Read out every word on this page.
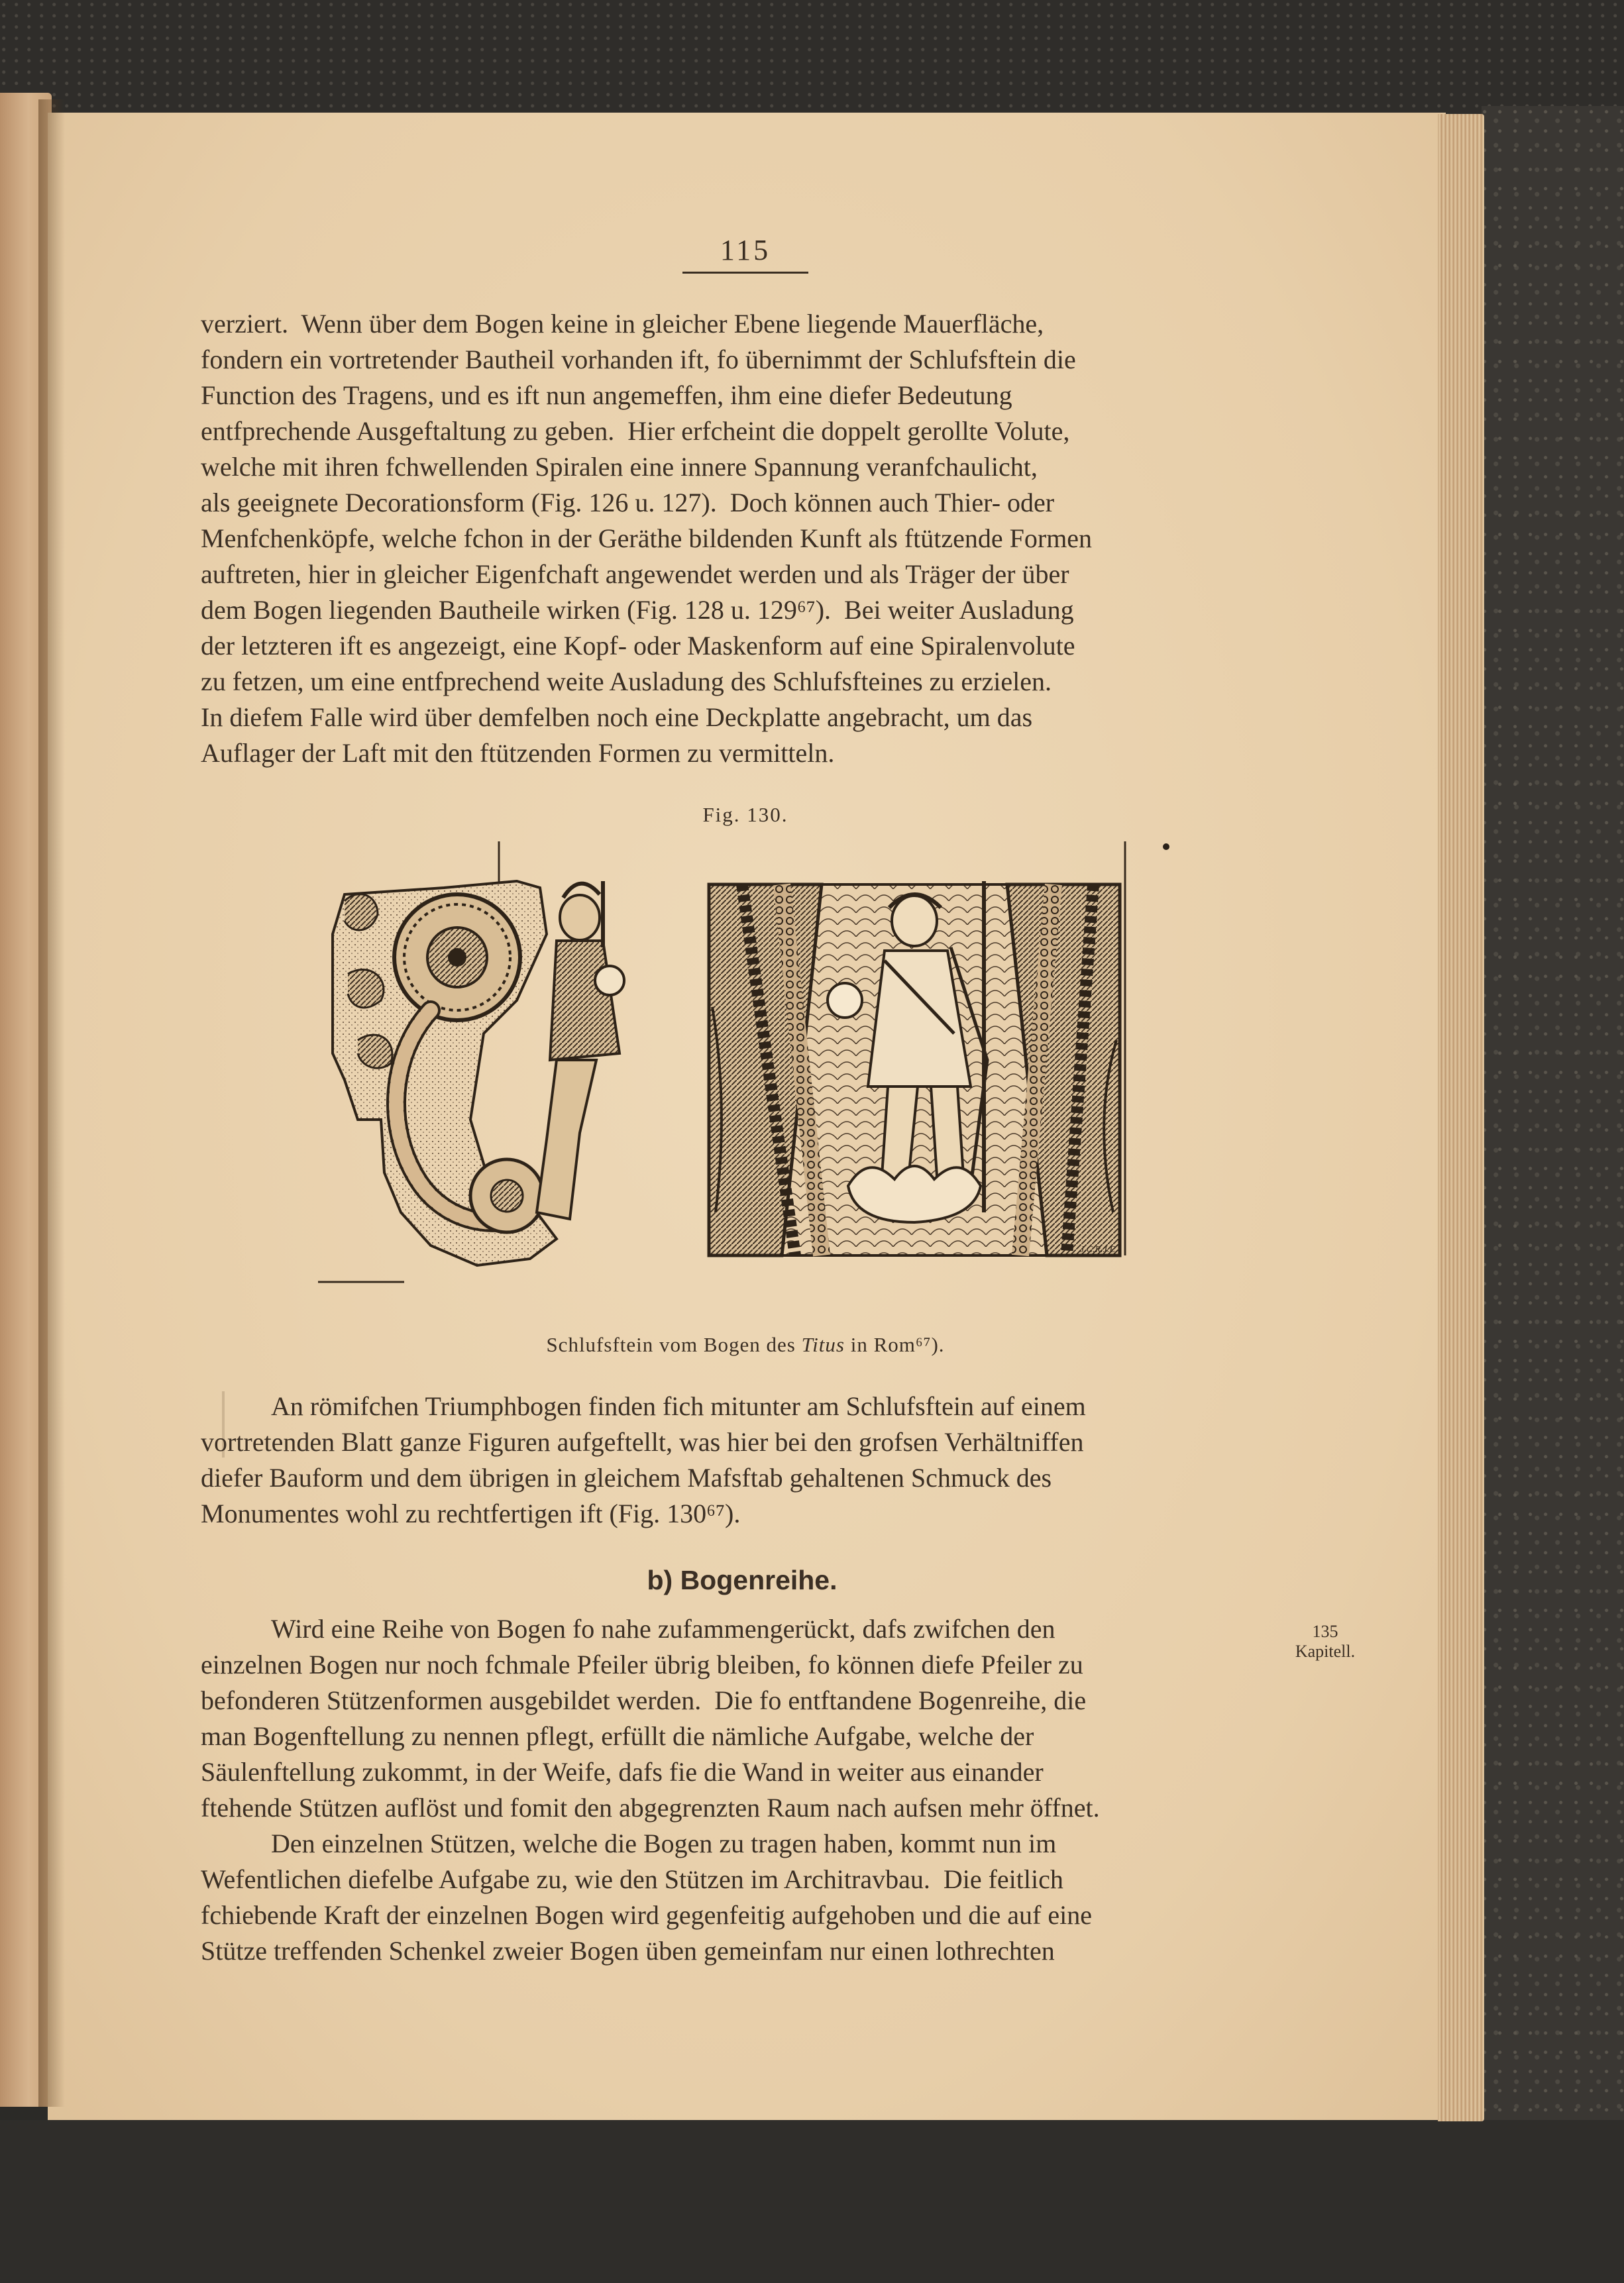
115
verziert.  Wenn über dem Bogen keine in gleicher Ebene liegende Mauerfläche,
fondern ein vortretender Bautheil vorhanden ift, fo übernimmt der Schlufsftein die
Function des Tragens, und es ift nun angemeffen, ihm eine diefer Bedeutung
entfprechende Ausgeftaltung zu geben.  Hier erfcheint die doppelt gerollte Volute,
welche mit ihren fchwellenden Spiralen eine innere Spannung veranfchaulicht,
als geeignete Decorationsform (Fig. 126 u. 127).  Doch können auch Thier- oder
Menfchenköpfe, welche fchon in der Geräthe bildenden Kunft als ftützende Formen
auftreten, hier in gleicher Eigenfchaft angewendet werden und als Träger der über
dem Bogen liegenden Bautheile wirken (Fig. 128 u. 129⁶⁷).  Bei weiter Ausladung
der letzteren ift es angezeigt, eine Kopf- oder Maskenform auf eine Spiralenvolute
zu fetzen, um eine entfprechend weite Ausladung des Schlufsfteines zu erzielen.
In diefem Falle wird über demfelben noch eine Deckplatte angebracht, um das
Auflager der Laft mit den ftützenden Formen zu vermitteln.
Fig. 130.
J.C.R.J.E.
Schlufsftein vom Bogen des Titus in Rom⁶⁷).
An römifchen Triumphbogen finden fich mitunter am Schlufsftein auf einem
vortretenden Blatt ganze Figuren aufgeftellt, was hier bei den grofsen Verhältniffen
diefer Bauform und dem übrigen in gleichem Mafsftab gehaltenen Schmuck des
Monumentes wohl zu rechtfertigen ift (Fig. 130⁶⁷).
b) Bogenreihe.
135
Kapitell.
Wird eine Reihe von Bogen fo nahe zufammengerückt, dafs zwifchen den
einzelnen Bogen nur noch fchmale Pfeiler übrig bleiben, fo können diefe Pfeiler zu
befonderen Stützenformen ausgebildet werden.  Die fo entftandene Bogenreihe, die
man Bogenftellung zu nennen pflegt, erfüllt die nämliche Aufgabe, welche der
Säulenftellung zukommt, in der Weife, dafs fie die Wand in weiter aus einander
ftehende Stützen auflöst und fomit den abgegrenzten Raum nach aufsen mehr öffnet.
Den einzelnen Stützen, welche die Bogen zu tragen haben, kommt nun im
Wefentlichen diefelbe Aufgabe zu, wie den Stützen im Architravbau.  Die feitlich
fchiebende Kraft der einzelnen Bogen wird gegenfeitig aufgehoben und die auf eine
Stütze treffenden Schenkel zweier Bogen üben gemeinfam nur einen lothrechten
